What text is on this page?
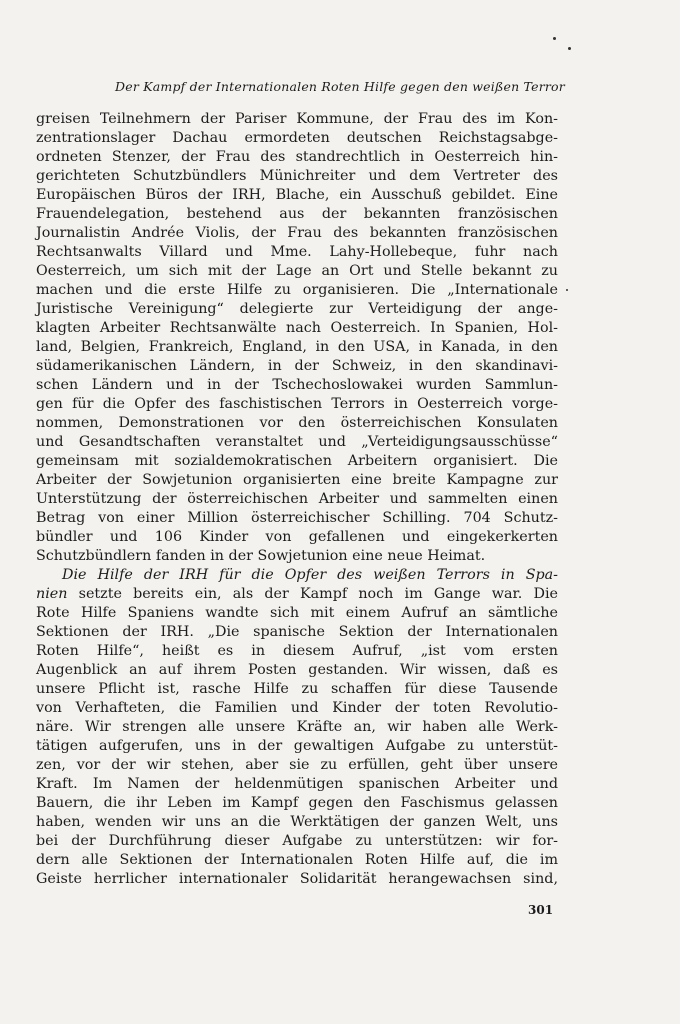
Der Kampf der Internationalen Roten Hilfe gegen den weißen Terror
greisen Teilnehmern der Pariser Kommune, der Frau des im Kon-
zentrationslager Dachau ermordeten deutschen Reichstagsabge-
ordneten Stenzer, der Frau des standrechtlich in Oesterreich hin-
gerichteten Schutzbündlers Münichreiter und dem Vertreter des
Europäischen Büros der IRH, Blache, ein Ausschuß gebildet. Eine
Frauendelegation, bestehend aus der bekannten französischen
Journalistin Andrée Violis, der Frau des bekannten französischen
Rechtsanwalts Villard und Mme. Lahy-Hollebeque, fuhr nach
Oesterreich, um sich mit der Lage an Ort und Stelle bekannt zu
machen und die erste Hilfe zu organisieren. Die „Internationale
Juristische Vereinigung“ delegierte zur Verteidigung der ange-
klagten Arbeiter Rechtsanwälte nach Oesterreich. In Spanien, Hol-
land, Belgien, Frankreich, England, in den USA, in Kanada, in den
südamerikanischen Ländern, in der Schweiz, in den skandinavi-
schen Ländern und in der Tschechoslowakei wurden Sammlun-
gen für die Opfer des faschistischen Terrors in Oesterreich vorge-
nommen, Demonstrationen vor den österreichischen Konsulaten
und Gesandtschaften veranstaltet und „Verteidigungsausschüsse“
gemeinsam mit sozialdemokratischen Arbeitern organisiert. Die
Arbeiter der Sowjetunion organisierten eine breite Kampagne zur
Unterstützung der österreichischen Arbeiter und sammelten einen
Betrag von einer Million österreichischer Schilling. 704 Schutz-
bündler und 106 Kinder von gefallenen und eingekerkerten
Schutzbündlern fanden in der Sowjetunion eine neue Heimat.
Die Hilfe der IRH für die Opfer des weißen Terrors in Spa-
nien setzte bereits ein, als der Kampf noch im Gange war. Die
Rote Hilfe Spaniens wandte sich mit einem Aufruf an sämtliche
Sektionen der IRH. „Die spanische Sektion der Internationalen
Roten Hilfe“, heißt es in diesem Aufruf, „ist vom ersten
Augenblick an auf ihrem Posten gestanden. Wir wissen, daß es
unsere Pflicht ist, rasche Hilfe zu schaffen für diese Tausende
von Verhafteten, die Familien und Kinder der toten Revolutio-
näre. Wir strengen alle unsere Kräfte an, wir haben alle Werk-
tätigen aufgerufen, uns in der gewaltigen Aufgabe zu unterstüt-
zen, vor der wir stehen, aber sie zu erfüllen, geht über unsere
Kraft. Im Namen der heldenmütigen spanischen Arbeiter und
Bauern, die ihr Leben im Kampf gegen den Faschismus gelassen
haben, wenden wir uns an die Werktätigen der ganzen Welt, uns
bei der Durchführung dieser Aufgabe zu unterstützen: wir for-
dern alle Sektionen der Internationalen Roten Hilfe auf, die im
Geiste herrlicher internationaler Solidarität herangewachsen sind,
301
